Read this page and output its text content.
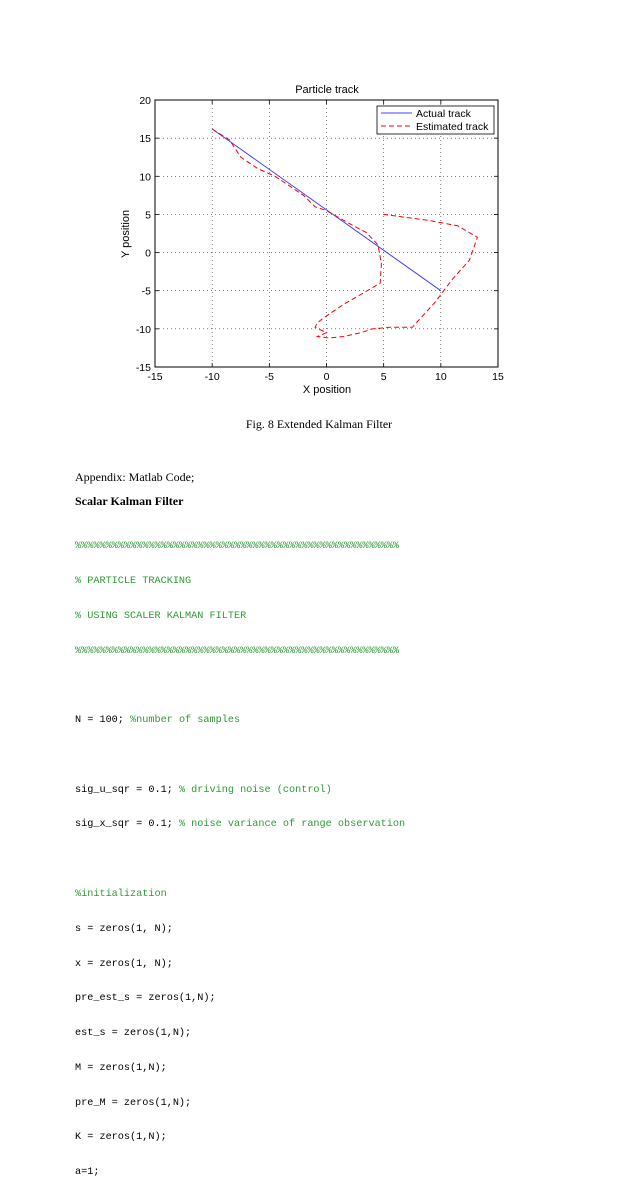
-15	-10	-5	0	5	10	15
20
15
10
5
0
-5
-10
-15
Particle track
X position
Y position
Actual track
Estimated track
Fig. 8 Extended Kalman Filter
Appendix: Matlab Code;
Scalar Kalman Filter

%%%%%%%%%%%%%%%%%%%%%%%%%%%%%%%%%%%%%%%%%%%%%%%%%%%%%

% PARTICLE TRACKING

% USING SCALER KALMAN FILTER

%%%%%%%%%%%%%%%%%%%%%%%%%%%%%%%%%%%%%%%%%%%%%%%%%%%%%

N = 100; %number of samples

sig_u_sqr = 0.1; % driving noise (control)

sig_x_sqr = 0.1; % noise variance of range observation

%initialization

s = zeros(1, N);

x = zeros(1, N);

pre_est_s = zeros(1,N);

est_s = zeros(1,N);

M = zeros(1,N);

pre_M = zeros(1,N);

K = zeros(1,N);

a=1;
